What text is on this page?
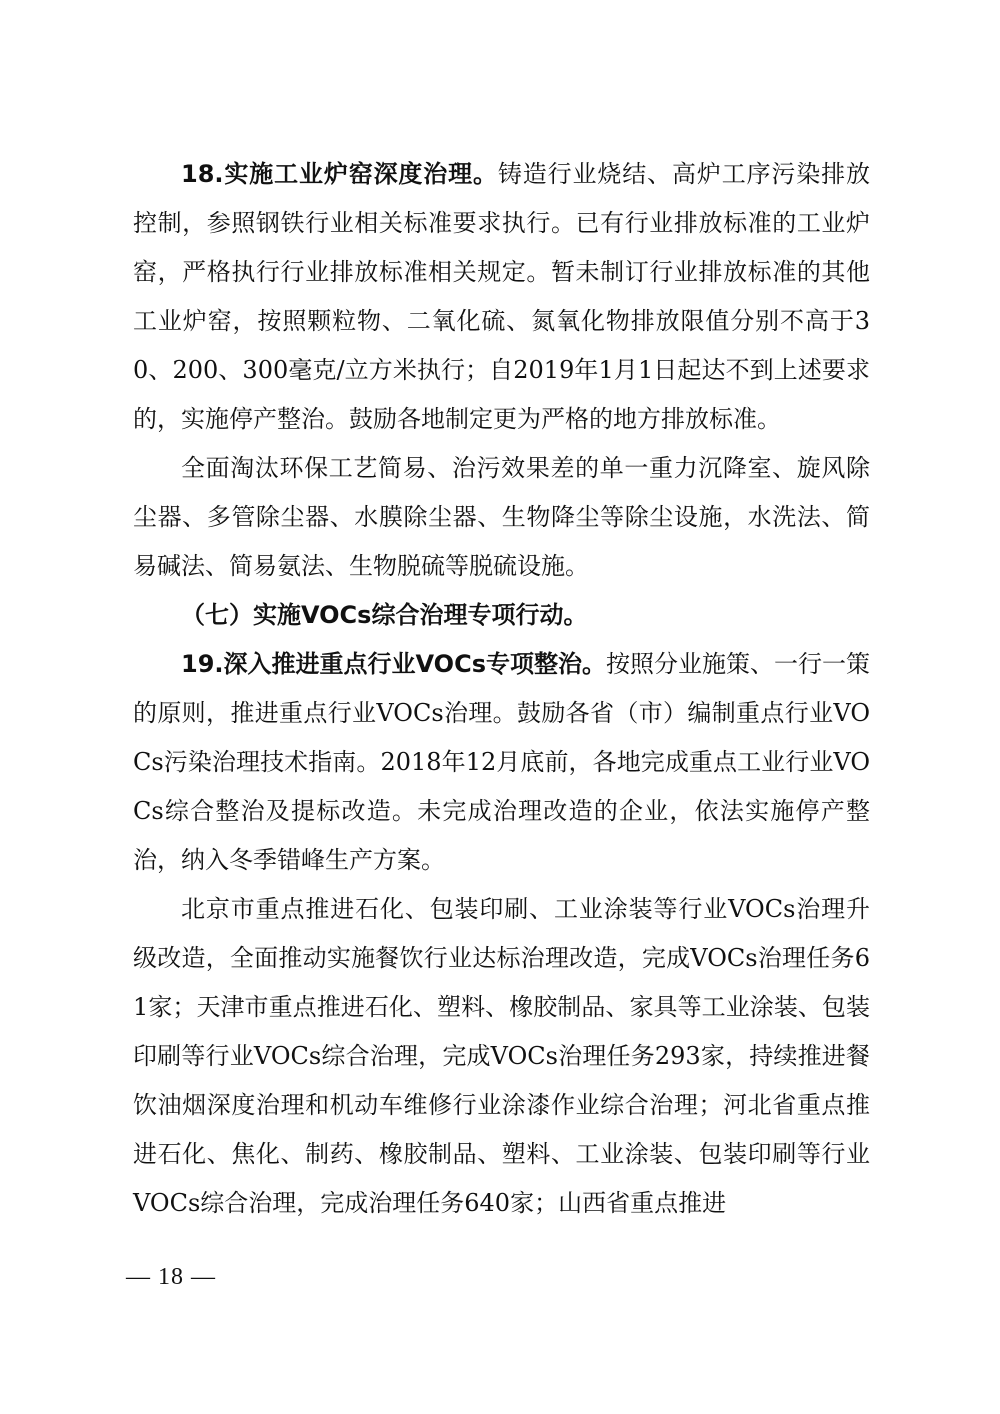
18.实施工业炉窑深度治理。铸造行业烧结、高炉工序污染排放控制，参照钢铁行业相关标准要求执行。已有行业排放标准的工业炉窑，严格执行行业排放标准相关规定。暂未制订行业排放标准的其他工业炉窑，按照颗粒物、二氧化硫、氮氧化物排放限值分别不高于30、200、300毫克/立方米执行；自2019年1月1日起达不到上述要求的，实施停产整治。鼓励各地制定更为严格的地方排放标准。

全面淘汰环保工艺简易、治污效果差的单一重力沉降室、旋风除尘器、多管除尘器、水膜除尘器、生物降尘等除尘设施，水洗法、简易碱法、简易氨法、生物脱硫等脱硫设施。

（七）实施VOCs综合治理专项行动。

19.深入推进重点行业VOCs专项整治。按照分业施策、一行一策的原则，推进重点行业VOCs治理。鼓励各省（市）编制重点行业VOCs污染治理技术指南。2018年12月底前，各地完成重点工业行业VOCs综合整治及提标改造。未完成治理改造的企业，依法实施停产整治，纳入冬季错峰生产方案。

北京市重点推进石化、包装印刷、工业涂装等行业VOCs治理升级改造，全面推动实施餐饮行业达标治理改造，完成VOCs治理任务61家；天津市重点推进石化、塑料、橡胶制品、家具等工业涂装、包装印刷等行业VOCs综合治理，完成VOCs治理任务293家，持续推进餐饮油烟深度治理和机动车维修行业涂漆作业综合治理；河北省重点推进石化、焦化、制药、橡胶制品、塑料、工业涂装、包装印刷等行业VOCs综合治理，完成治理任务640家；山西省重点推进

— 18 —
